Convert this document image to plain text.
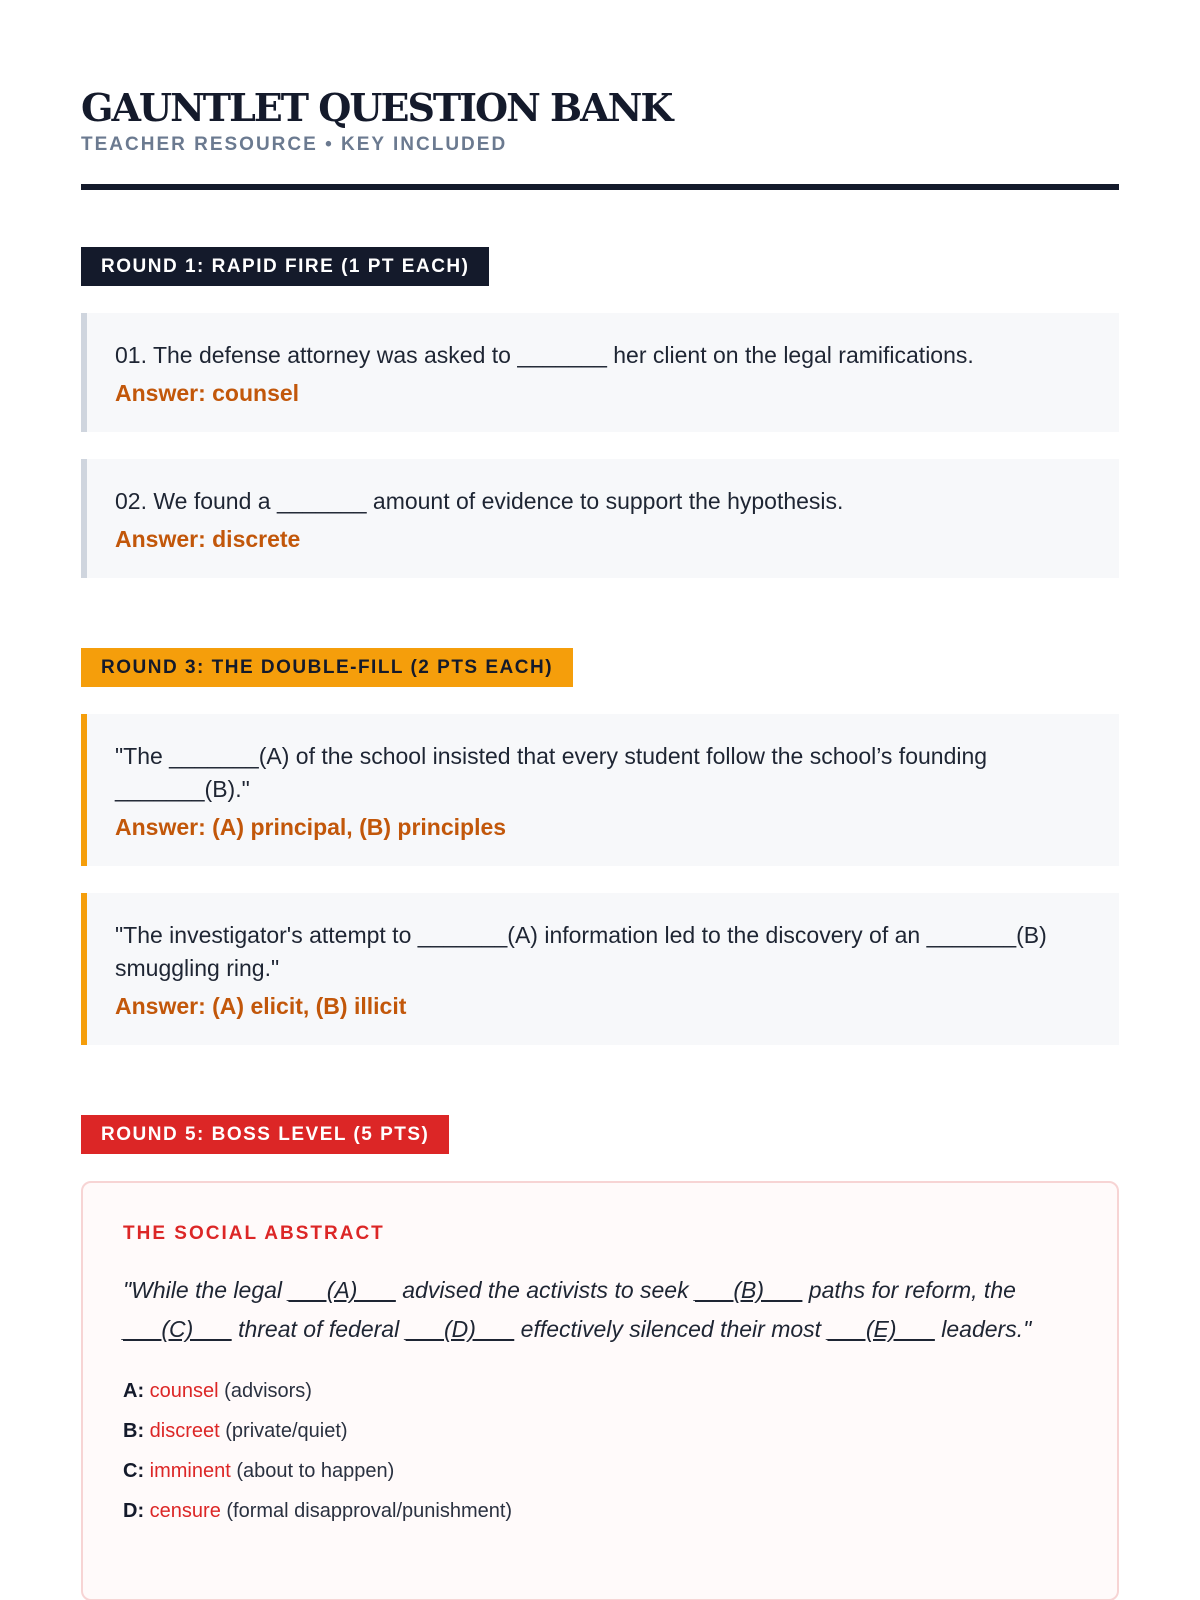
GAUNTLET QUESTION BANK
TEACHER RESOURCE • KEY INCLUDED
ROUND 1: RAPID FIRE (1 PT EACH)
01. The defense attorney was asked to _______ her client on the legal ramifications.
Answer: counsel
02. We found a _______ amount of evidence to support the hypothesis.
Answer: discrete
ROUND 3: THE DOUBLE-FILL (2 PTS EACH)
"The _______(A) of the school insisted that every student follow the school’s founding _______(B)."
Answer: (A) principal, (B) principles
"The investigator's attempt to _______(A) information led to the discovery of an _______(B) smuggling ring."
Answer: (A) elicit, (B) illicit
ROUND 5: BOSS LEVEL (5 PTS)
THE SOCIAL ABSTRACT

"While the legal ___(A)___ advised the activists to seek ___(B)___ paths for reform, the ___(C)___ threat of federal ___(D)___ effectively silenced their most ___(E)___ leaders."

A: counsel (advisors)
B: discreet (private/quiet)
C: imminent (about to happen)
D: censure (formal disapproval/punishment)
